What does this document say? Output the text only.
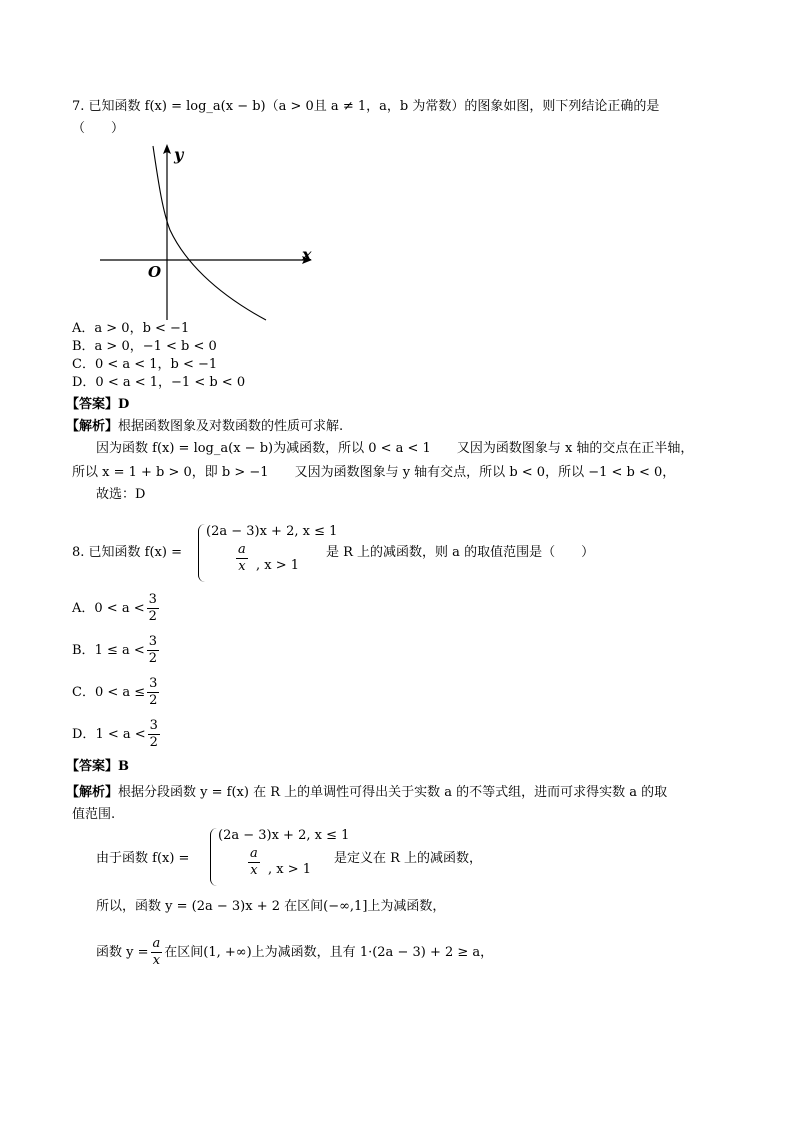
7. 已知函数 f(x) = log_a(x − b)（a > 0且 a ≠ 1，a，b 为常数）的图象如图，则下列结论正确的是
（　　）
y
x
O
A．a > 0，b < −1
B．a > 0，−1 < b < 0
C．0 < a < 1，b < −1
D．0 < a < 1，−1 < b < 0
【答案】D
【解析】根据函数图象及对数函数的性质可求解.
因为函数 f(x) = log_a(x − b)为减函数，所以 0 < a < 1　　又因为函数图象与 x 轴的交点在正半轴，
所以 x = 1 + b > 0，即 b > −1　　又因为函数图象与 y 轴有交点，所以 b < 0，所以 −1 < b < 0，
故选：D
8. 已知函数 f(x) =
(2a − 3)x + 2, x ≤ 1
$\frac{a}{x}$ , x > 1
是 R 上的减函数，则 a 的取值范围是（　　）
A．$0 < a < \frac{3}{2}$
B．$1 \le a < \frac{3}{2}$
C．$0 < a \le \frac{3}{2}$
D．$1 < a < \frac{3}{2}$
【答案】B
【解析】根据分段函数 y = f(x) 在 R 上的单调性可得出关于实数 a 的不等式组，进而可求得实数 a 的取
值范围.
由于函数 f(x) =
(2a − 3)x + 2, x ≤ 1
$\frac{a}{x}$ , x > 1
是定义在 R 上的减函数，
所以，函数 y = (2a − 3)x + 2 在区间(−∞,1]上为减函数，
函数 $y = \frac{a}{x}$ 在区间(1, +∞)上为减函数，且有 1·(2a − 3) + 2 ≥ a，
